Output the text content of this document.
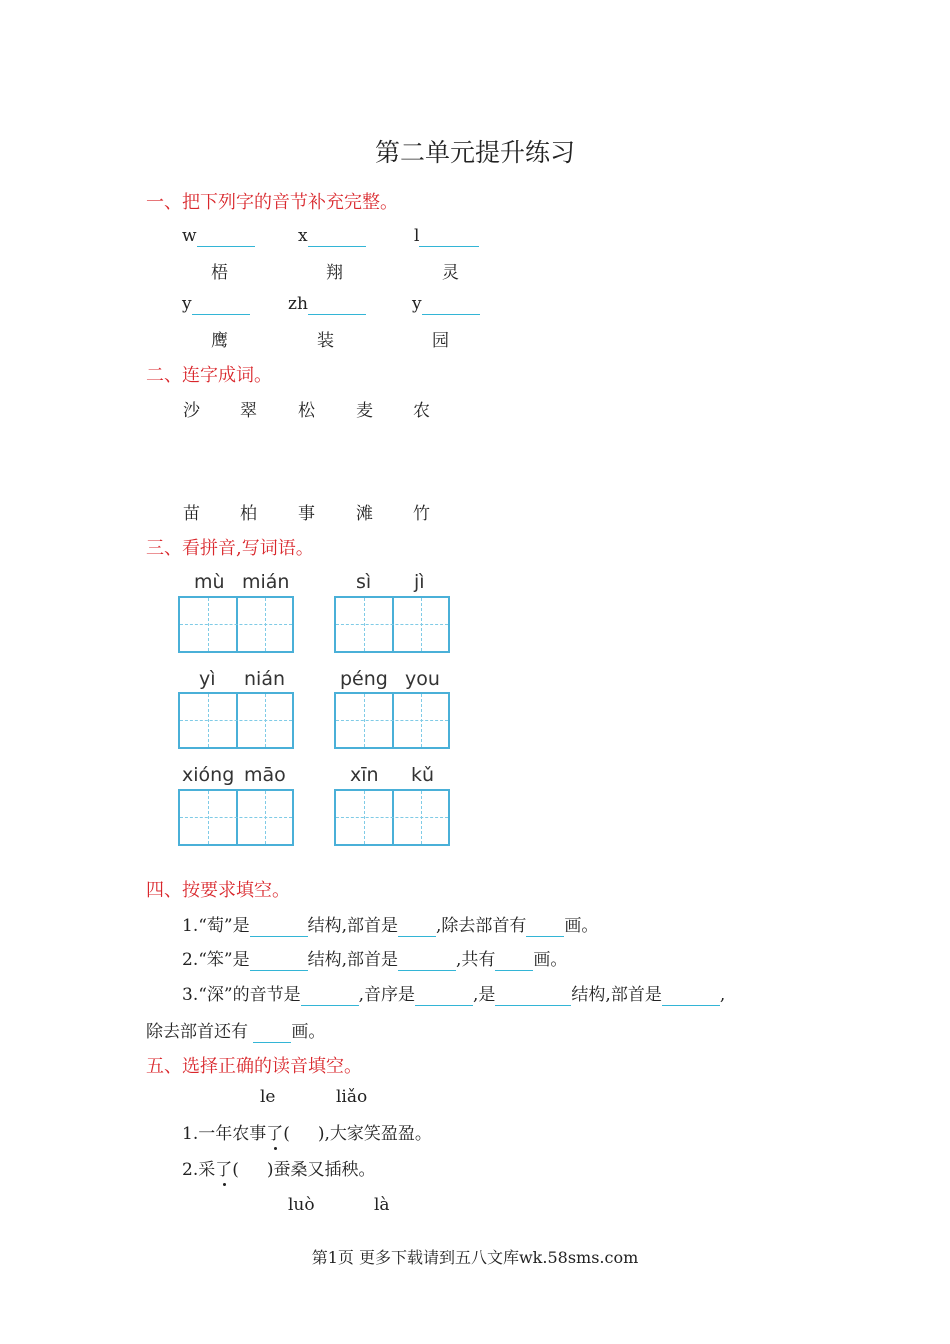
第二单元提升练习
一、把下列字的音节补充完整。
w	x	l
梧	翔	灵
y	zh	y
鹰	装	园
二、连字成词。
沙 翠 松 麦 农
苗 柏 事 滩 竹
三、看拼音,写词语。
mù mián	sì jì
yì nián	péng you
xióng māo	xīn kǔ
四、按要求填空。
1.“萄”是	结构,部首是 ,除去部首有 画。
2.“笨”是	结构,部首是	,共有 画。
3.“深”的音节是	,音序是	,是	结构,部首是	,
除去部首还有	画。
五、选择正确的读音填空。
le	liǎo
1.一年农事了( ),大家笑盈盈。
2.采了( )蚕桑又插秧。
luò	là
第1页 更多下载请到五八文库wk.58sms.com
